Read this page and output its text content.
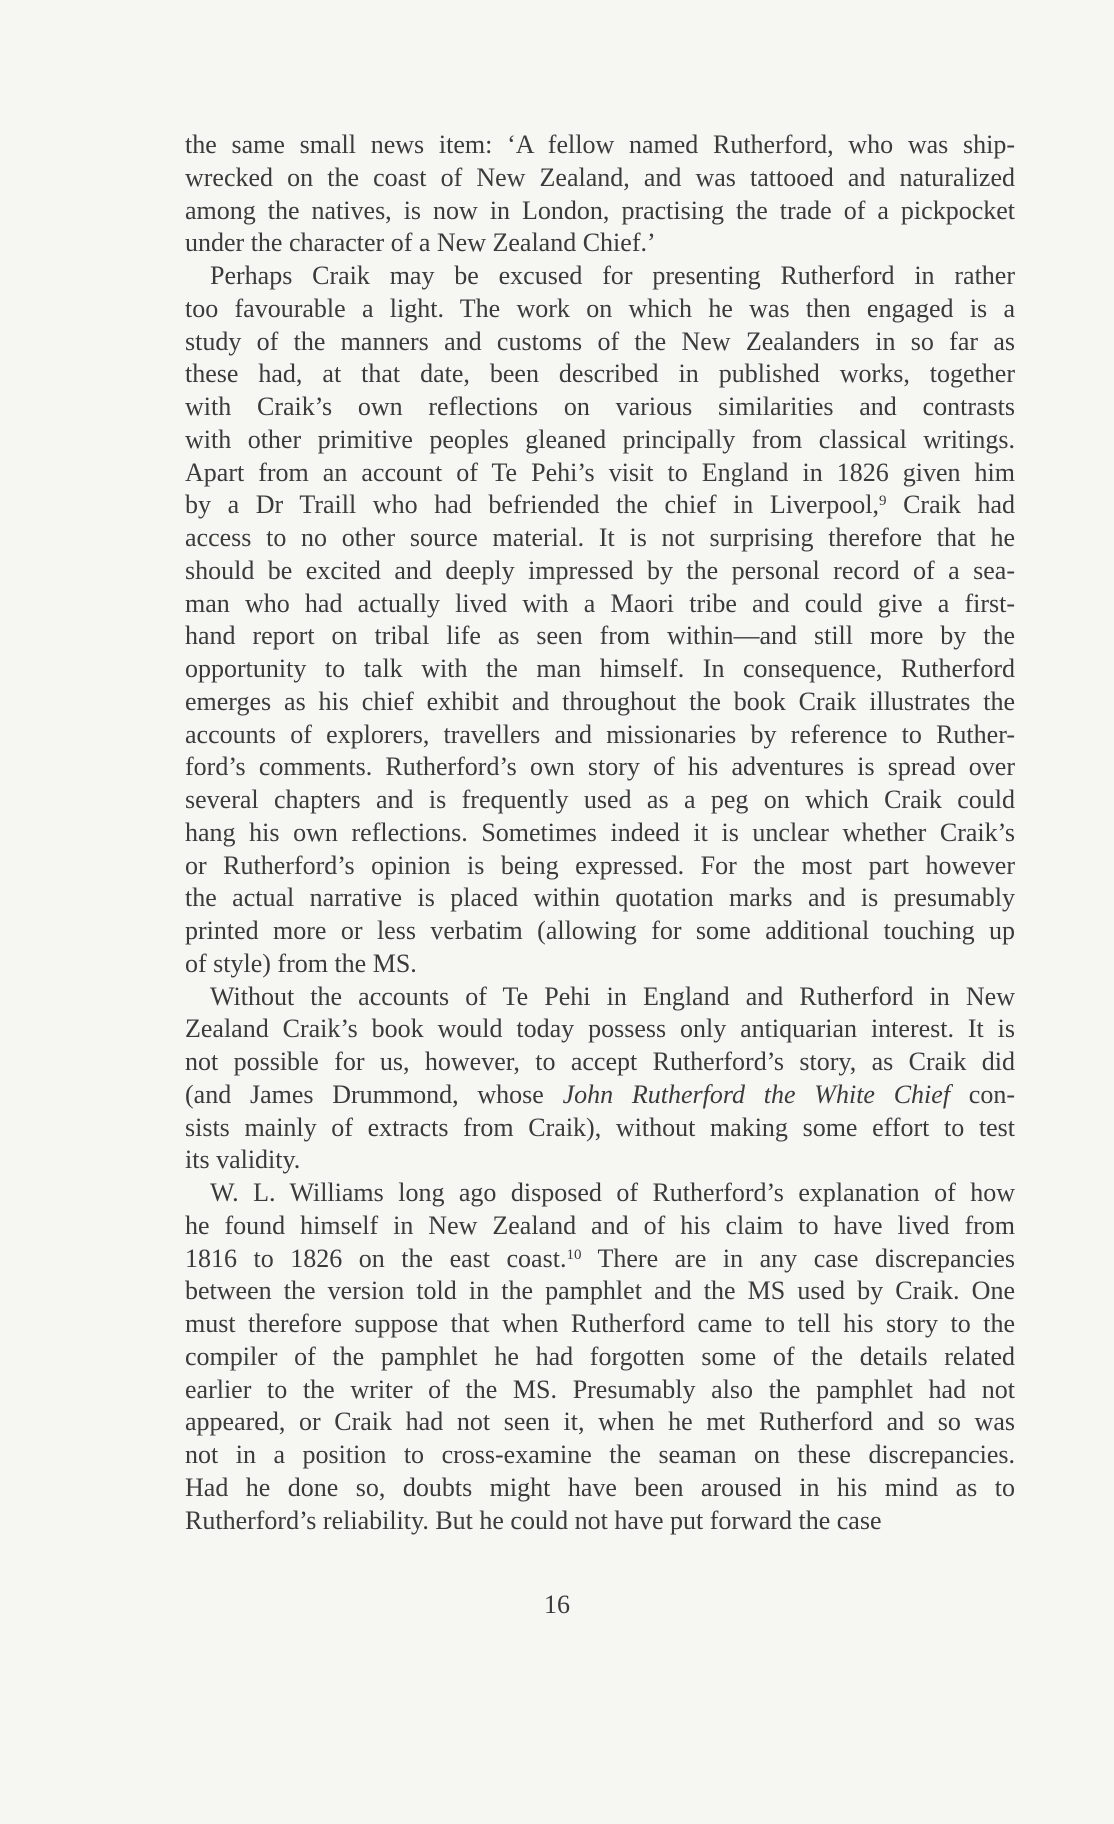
the same small news item: ‘A fellow named Rutherford, who was ship-
wrecked on the coast of New Zealand, and was tattooed and naturalized
among the natives, is now in London, practising the trade of a pickpocket
under the character of a New Zealand Chief.’
Perhaps Craik may be excused for presenting Rutherford in rather
too favourable a light. The work on which he was then engaged is a
study of the manners and customs of the New Zealanders in so far as
these had, at that date, been described in published works, together
with Craik’s own reflections on various similarities and contrasts
with other primitive peoples gleaned principally from classical writings.
Apart from an account of Te Pehi’s visit to England in 1826 given him
by a Dr Traill who had befriended the chief in Liverpool,$^9$ Craik had
access to no other source material. It is not surprising therefore that he
should be excited and deeply impressed by the personal record of a sea-
man who had actually lived with a Maori tribe and could give a first-
hand report on tribal life as seen from within—and still more by the
opportunity to talk with the man himself. In consequence, Rutherford
emerges as his chief exhibit and throughout the book Craik illustrates the
accounts of explorers, travellers and missionaries by reference to Ruther-
ford’s comments. Rutherford’s own story of his adventures is spread over
several chapters and is frequently used as a peg on which Craik could
hang his own reflections. Sometimes indeed it is unclear whether Craik’s
or Rutherford’s opinion is being expressed. For the most part however
the actual narrative is placed within quotation marks and is presumably
printed more or less verbatim (allowing for some additional touching up
of style) from the MS.
Without the accounts of Te Pehi in England and Rutherford in New
Zealand Craik’s book would today possess only antiquarian interest. It is
not possible for us, however, to accept Rutherford’s story, as Craik did
(and James Drummond, whose John Rutherford the White Chief con-
sists mainly of extracts from Craik), without making some effort to test
its validity.
W. L. Williams long ago disposed of Rutherford’s explanation of how
he found himself in New Zealand and of his claim to have lived from
1816 to 1826 on the east coast.$^{10}$ There are in any case discrepancies
between the version told in the pamphlet and the MS used by Craik. One
must therefore suppose that when Rutherford came to tell his story to the
compiler of the pamphlet he had forgotten some of the details related
earlier to the writer of the MS. Presumably also the pamphlet had not
appeared, or Craik had not seen it, when he met Rutherford and so was
not in a position to cross-examine the seaman on these discrepancies.
Had he done so, doubts might have been aroused in his mind as to
Rutherford’s reliability. But he could not have put forward the case
16
